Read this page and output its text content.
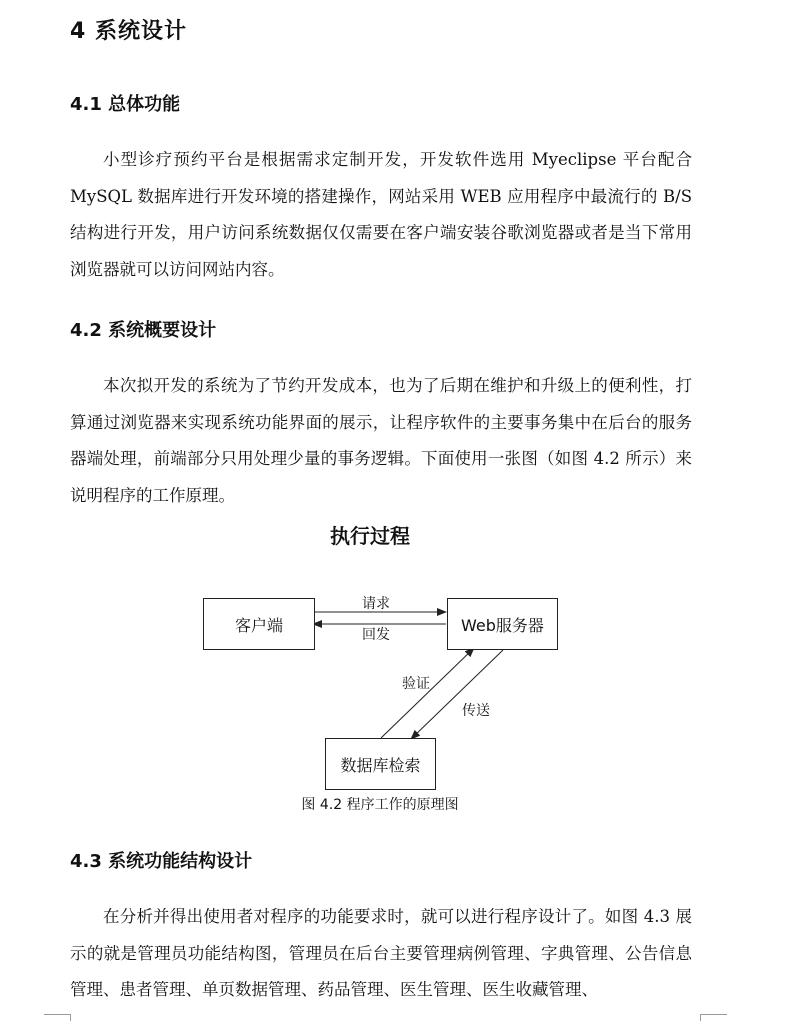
4 系统设计
4.1 总体功能

小型诊疗预约平台是根据需求定制开发，开发软件选用 Myeclipse 平台配合 MySQL 数据库进行开发环境的搭建操作，网站采用 WEB 应用程序中最流行的 B/S 结构进行开发，用户访问系统数据仅仅需要在客户端安装谷歌浏览器或者是当下常用浏览器就可以访问网站内容。

4.2 系统概要设计

本次拟开发的系统为了节约开发成本，也为了后期在维护和升级上的便利性，打算通过浏览器来实现系统功能界面的展示，让程序软件的主要事务集中在后台的服务器端处理，前端部分只用处理少量的事务逻辑。下面使用一张图（如图 4.2 所示）来说明程序的工作原理。

执行过程
客户端	Web服务器
数据库检索
请求
回发
验证
传送
图 4.2 程序工作的原理图
4.3 系统功能结构设计

在分析并得出使用者对程序的功能要求时，就可以进行程序设计了。如图 4.3 展示的就是管理员功能结构图，管理员在后台主要管理病例管理、字典管理、公告信息管理、患者管理、单页数据管理、药品管理、医生管理、医生收藏管理、
